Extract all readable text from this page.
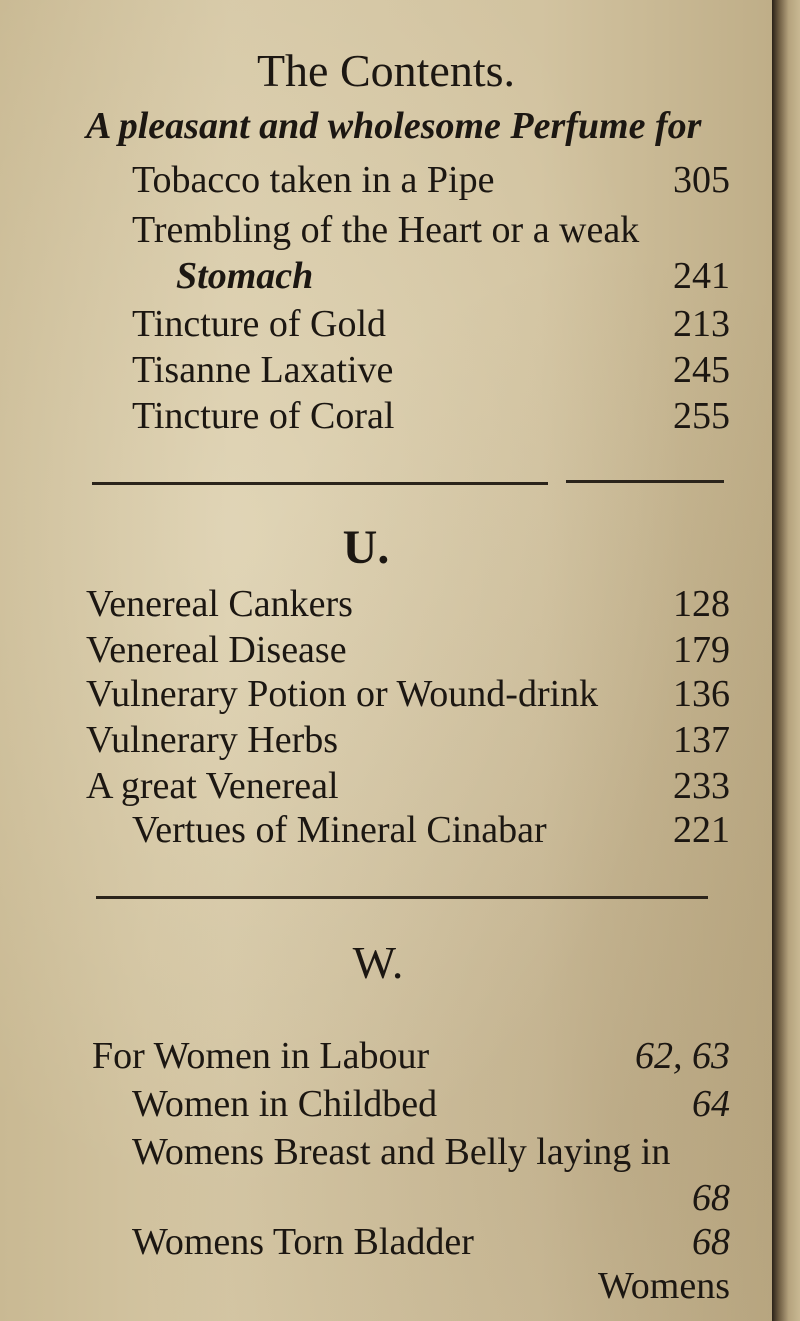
The Contents.
A pleasant and wholesome Perfume for
Tobacco taken in a Pipe	305
Trembling of the Heart or a weak
Stomach	241
Tincture of Gold	213
Tisanne Laxative	245
Tincture of Coral	255
U.
Venereal Cankers	128
Venereal Disease	179
Vulnerary Potion or Wound-drink 136
Vulnerary Herbs	137
A great Venereal	233
Vertues of Mineral Cinabar	221
W.
For Women in Labour	62, 63
Women in Childbed	64
Womens Breast and Belly laying in
68
Womens Torn Bladder	68
Womens
